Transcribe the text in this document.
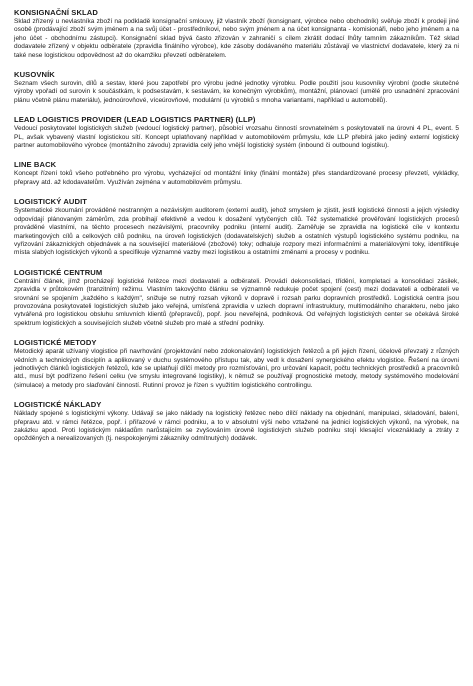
KONSIGNAČNÍ SKLAD

Sklad zřízený u nevlastníka zboží na podkladě konsignační smlouvy, již vlastník zboží (konsignant, výrobce nebo obchodník) svěřuje zboží k prodeji jiné osobě (prodávající zboží svým jménem a na svůj účet - prostředníkovi, nebo svým jménem a na účet konsignanta - komisionáři, nebo jeho jménem a na jeho účet - obchodnímu zástupci). Konsignační sklad bývá často zřizován v zahraničí s cílem zkrátit dodací lhůty tamním zákazníkům. Též sklad dodavatele zřízený v objektu odběratele (zpravidla finálního výrobce), kde zásoby dodávaného materiálu zůstávají ve vlastnictví dodavatele, který za ni také nese logistickou odpovědnost až do okamžiku převzetí odběratelem.

KUSOVNÍK

Seznam všech surovin, dílů a sestav, které jsou zapotřebí pro výrobu jedné jednotky výrobku. Podle použití jsou kusovníky výrobní (podle skutečné výroby vpořadí od surovin k součástkám, k podsestavám, k sestavám, ke konečným výrobkům), montážní, plánovací (umělé pro usnadnění zpracování plánu včetně plánu materiálu), jednoúrovňové, víceúrovňové, modulární (u výrobků s mnoha variantami, například u automobilů).

LEAD LOGISTICS PROVIDER (LEAD LOGISTICS PARTNER) (LLP)

Vedoucí poskytovatel logistických služeb (vedoucí logistický partner), působící vrozsahu činností srovnatelném s poskytovatelí na úrovni 4 PL, event. 5 PL, avšak vybavený vlastní logistickou sítí. Koncept uplatňovaný například v automobilovém průmyslu, kde LLP přebírá jako jediný externí logistický partner automobilového výrobce (montážního závodu) zpravidla celý jeho vnější logistický systém (inbound či outbound logistiku).

LINE BACK

Koncept řízení toků všeho potřebného pro výrobu, vycházející od montážní linky (finální montáže) přes standardizované procesy převzetí, vykládky, přepravy atd. až kdodavatelům. Využíván zejména v automobilovém průmyslu.

LOGISTICKÝ AUDIT

Systematické zkoumání prováděné nestranným a nezávislým auditorem (externí audit), jehož smyslem je zjistit, jestli logistické činnosti a jejich výsledky odpovídají plánovaným záměrům, zda probíhají efektivně a vedou k dosažení vytyčených cílů. Též systematické prověřování logistických procesů prováděné vlastními, na těchto procesech nezávislými, pracovníky podniku (interní audit). Zaměřuje se zpravidla na logistické cíle v kontextu marketingových cílů a celkových cílů podniku, na úroveň logistických (dodavatelských) služeb a ostatních výstupů logistického systému podniku, na vyřizování zákaznických objednávek a na související materiálové (zbožové) toky; odhaluje rozpory mezi informačními a materiálovými toky, identifikuje místa slabých logistických výkonů a specifikuje významné vazby mezi logistikou a ostatními změnami a procesy v podniku.

LOGISTICKÉ CENTRUM

Centrální článek, jímž procházejí logistické řetězce mezi dodavateli a odběrateli. Provádí dekonsolidaci, třídění, kompletaci a konsolidaci zásilek, zpravidla v průtokovém (tranzitním) režimu. Vlastním takovýchto článku se významně redukuje počet spojení (cest) mezi dodavateli a odběrateli ve srovnání se spojením „každého s každým", snižuje se nutný rozsah výkonů v dopravě i rozsah parku dopravních prostředků. Logistická centra jsou provozována poskytovateli logistických služeb jako veřejná, umísťená zpravidla v uzlech dopravní infrastruktury, multimodálního charakteru, nebo jako vytvářená pro logistickou obsluhu smluvních klientů (přepravců), popř. jsou neveřejná, podniková. Od veřejných logistických center se očekává široké spektrum logistických a souvisejících služeb včetně služeb pro malé a střední podniky.

LOGISTICKÉ METODY

Metodický aparát užívaný vlogistice při navrhování (projektování nebo zdokonalování) logistických řetězců a při jejich řízení, účelově převzatý z různých vědních a technických disciplín a aplikovaný v duchu systémového přístupu tak, aby vedl k dosažení synergického efektu vlogistice. Řešení na úrovni jednotlivých článků logistických řetězců, kde se uplatňují dílčí metody pro rozmísťování, pro určování kapacit, počtu technických prostředků a pracovníků atd., musí být podřízeno řešení celku (ve smyslu integrované logistiky), k němuž se používají prognostické metody, metody systémového modelování (simulace) a metody pro slaďování činností. Rutinní provoz je řízen s využitím logistického controllingu.

LOGISTICKÉ NÁKLADY

Náklady spojené s logistickými výkony. Udávají se jako náklady na logistický řetězec nebo dílčí náklady na objednání, manipulaci, skladování, balení, přepravu atd. v rámci řetězce, popř. i přiřazové v rámci podniku, a to v absolutní výši nebo vztažené na jednici logistických výkonů, na výrobek, na zakázku apod. Proti logistickým nákladům narůstajícím se zvyšováním úrovně logistických služeb podniku stojí klesající víceznáklady a ztráty z opožděných a nerealizovaných (tj. nespokojenými zákazníky odmítnutých) dodávek.
